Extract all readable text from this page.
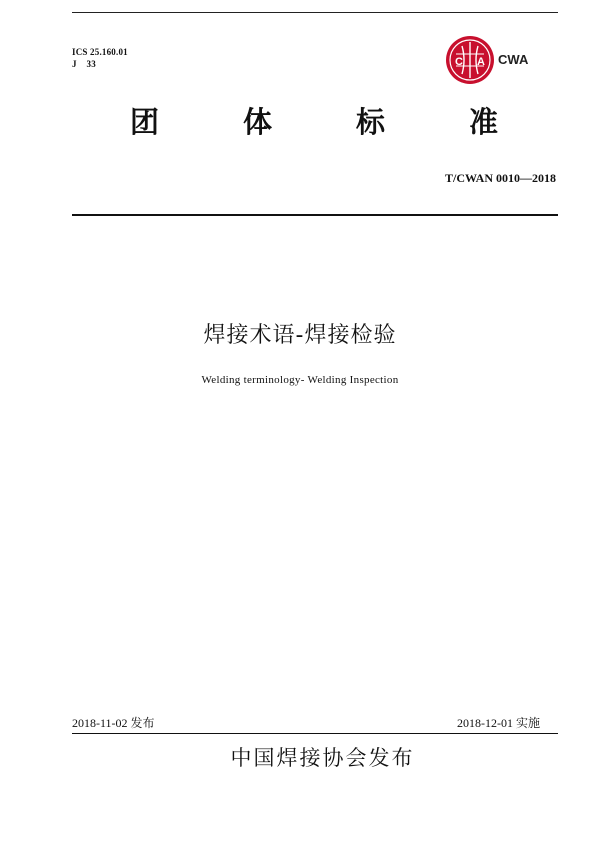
ICS 25.160.01
J    33	C A CWA
团	体	标	准
T/CWAN 0010—2018
焊接术语-焊接检验
Welding terminology- Welding Inspection
2018-11-02 发布	2018-12-01 实施
中国焊接协会发布
